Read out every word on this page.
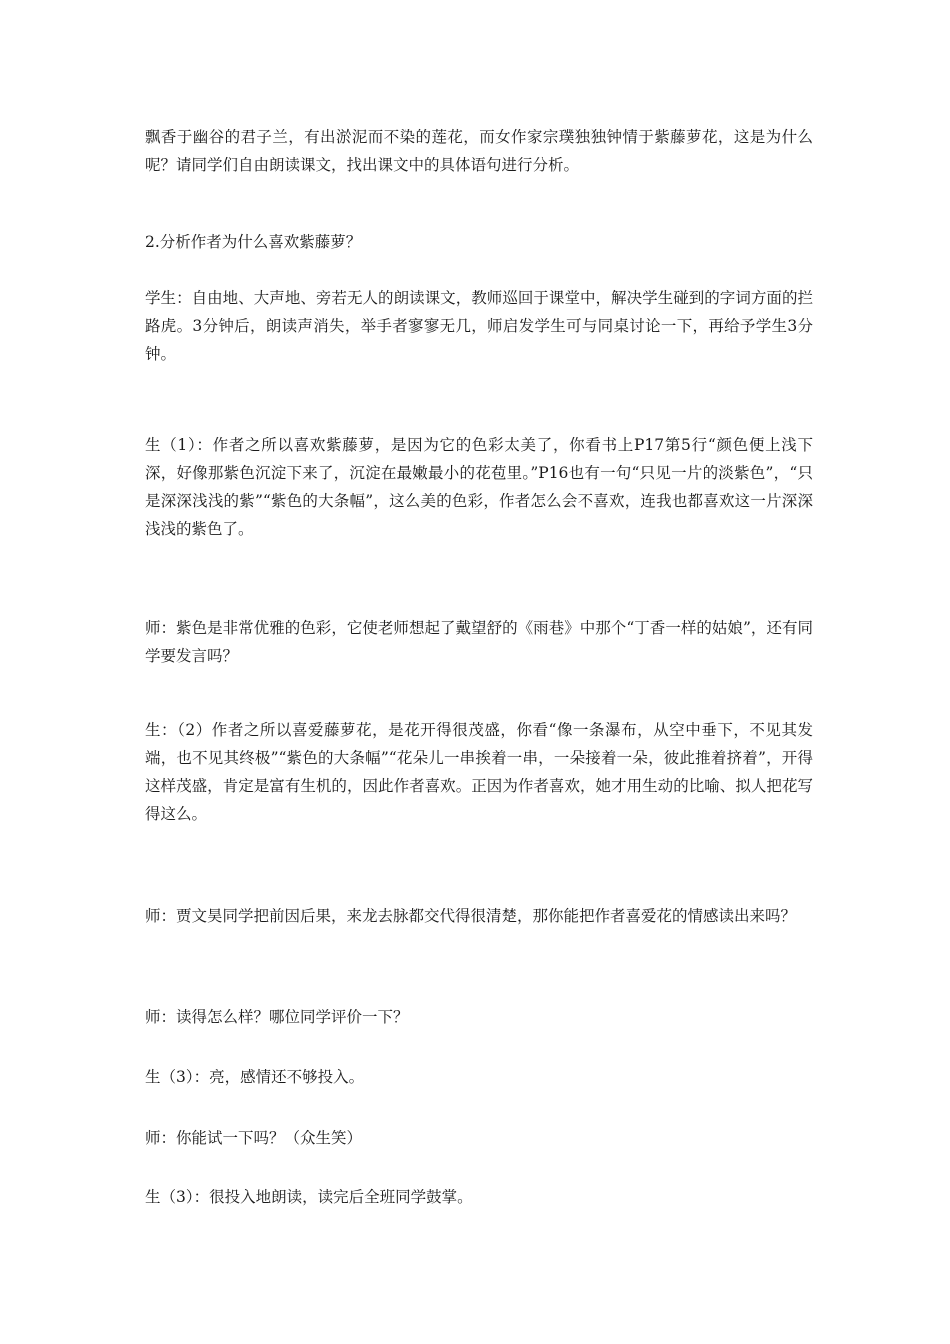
飘香于幽谷的君子兰，有出淤泥而不染的莲花，而女作家宗璞独独钟情于紫藤萝花，这是为什么呢？请同学们自由朗读课文，找出课文中的具体语句进行分析。

2.分析作者为什么喜欢紫藤萝？

学生：自由地、大声地、旁若无人的朗读课文，教师巡回于课堂中，解决学生碰到的字词方面的拦路虎。3分钟后，朗读声消失，举手者寥寥无几，师启发学生可与同桌讨论一下，再给予学生3分钟。

生（1）：作者之所以喜欢紫藤萝，是因为它的色彩太美了，你看书上P17第5行“颜色便上浅下深，好像那紫色沉淀下来了，沉淀在最嫩最小的花苞里。”P16也有一句“只见一片的淡紫色”，“只是深深浅浅的紫”“紫色的大条幅”，这么美的色彩，作者怎么会不喜欢，连我也都喜欢这一片深深浅浅的紫色了。

师：紫色是非常优雅的色彩，它使老师想起了戴望舒的《雨巷》中那个“丁香一样的姑娘”，还有同学要发言吗？

生：（2）作者之所以喜爱藤萝花，是花开得很茂盛，你看“像一条瀑布，从空中垂下，不见其发端，也不见其终极”“紫色的大条幅”“花朵儿一串挨着一串，一朵接着一朵，彼此推着挤着”，开得这样茂盛，肯定是富有生机的，因此作者喜欢。正因为作者喜欢，她才用生动的比喻、拟人把花写得这么。

师：贾文昊同学把前因后果，来龙去脉都交代得很清楚，那你能把作者喜爱花的情感读出来吗？

师：读得怎么样？哪位同学评价一下？

生（3）：亮，感情还不够投入。

师：你能试一下吗？（众生笑）

生（3）：很投入地朗读，读完后全班同学鼓掌。
